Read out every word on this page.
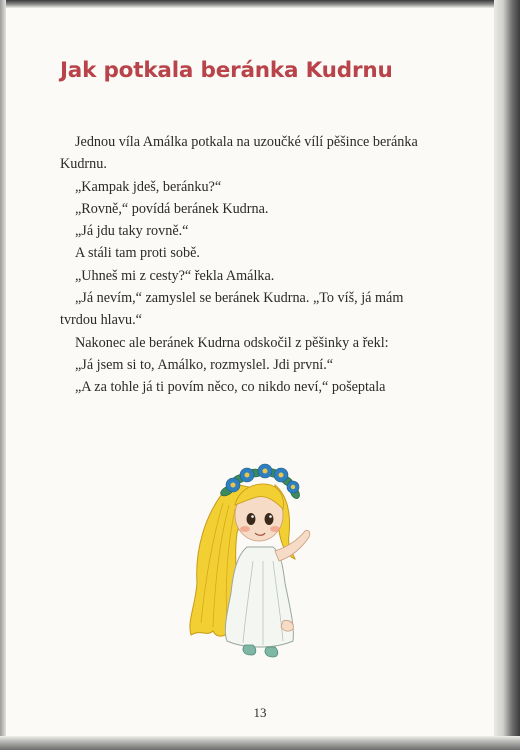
Jak potkala beránka Kudrnu

Jednou víla Amálka potkala na uzoučké vílí pěšince beránka Kudrnu.

„Kampak jdeš, beránku?“

„Rovně,“ povídá beránek Kudrna.

„Já jdu taky rovně.“

A stáli tam proti sobě.

„Uhneš mi z cesty?“ řekla Amálka.

„Já nevím,“ zamyslel se beránek Kudrna. „To víš, já mám tvrdou hlavu.“

Nakonec ale beránek Kudrna odskočil z pěšinky a řekl:

„Já jsem si to, Amálko, rozmyslel. Jdi první.“

„A za tohle já ti povím něco, co nikdo neví,“ pošeptala

13
